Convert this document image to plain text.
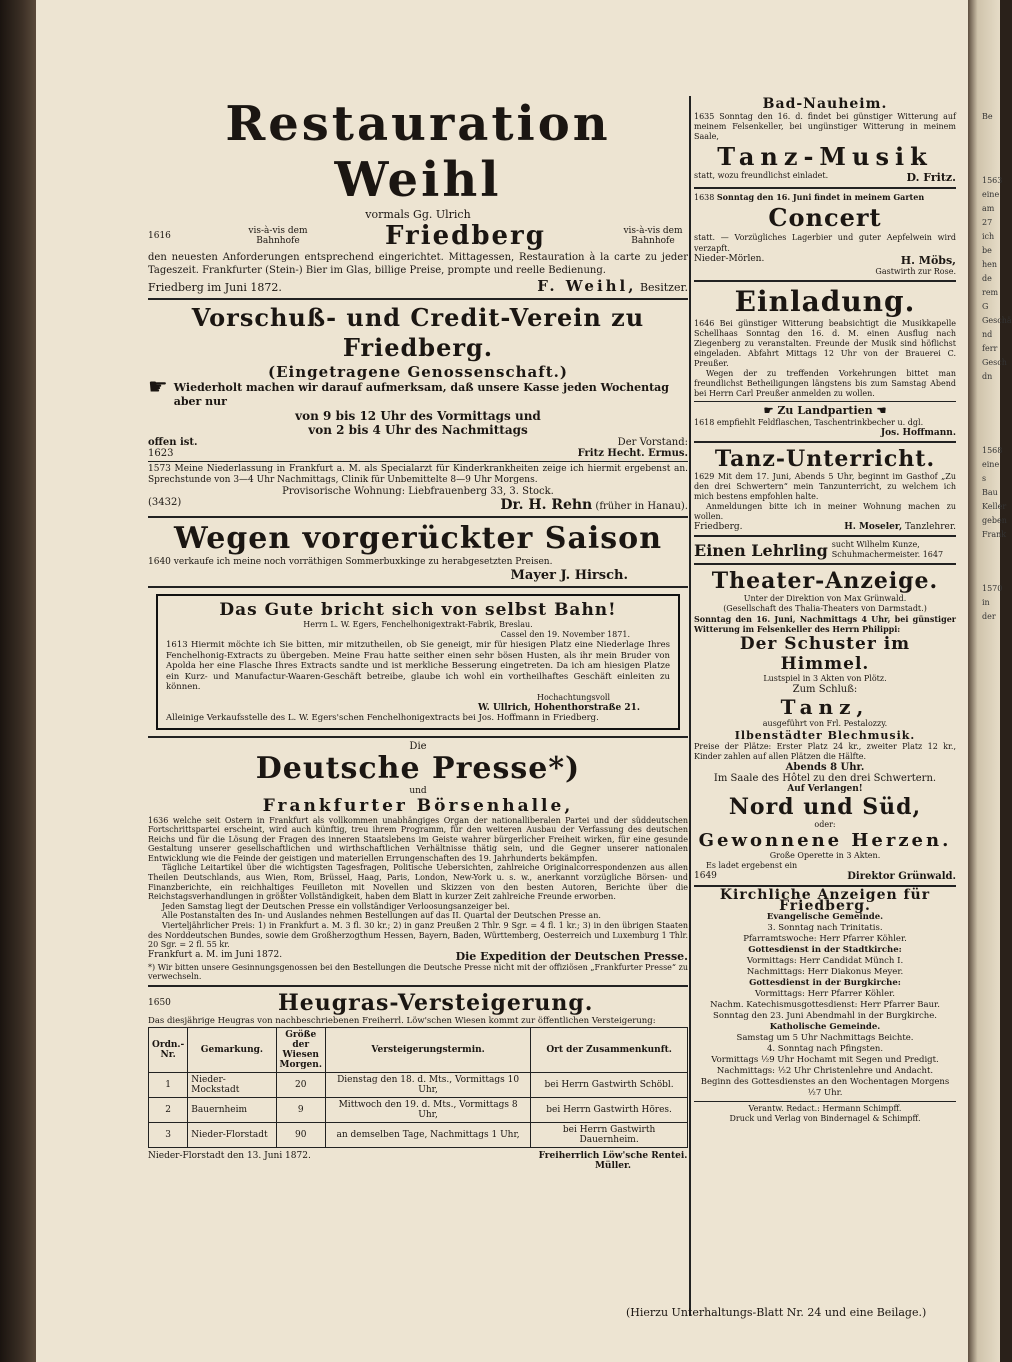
Restauration Weihl
vormals Gg. Ulrich
1616	vis-à-vis dem Bahnhofe	Friedberg	vis-à-vis dem Bahnhofe
den neuesten Anforderungen entsprechend eingerichtet. Mittagessen, Restauration à la carte zu jeder Tageszeit. Frankfurter (Stein-) Bier im Glas, billige Preise, prompte und reelle Bedienung.
Friedberg im Juni 1872.	F. Weihl, Besitzer.
Vorschuß- und Credit-Verein zu Friedberg.
(Eingetragene Genossenschaft.)
☛ Wiederholt machen wir darauf aufmerksam, daß unsere Kasse jeden Wochentag aber nur
von 9 bis 12 Uhr des Vormittags und
von 2 bis 4 Uhr des Nachmittags
offen ist.	Der Vorstand:
1623	Fritz Hecht. Ermus.
1573 Meine Niederlassung in Frankfurt a. M. als Specialarzt für Kinderkrankheiten zeige ich hiermit ergebenst an. Sprechstunde von 3—4 Uhr Nachmittags, Clinik für Unbemittelte 8—9 Uhr Morgens.
Provisorische Wohnung: Liebfrauenberg 33, 3. Stock.
(3432)	Dr. H. Rehn (früher in Hanau).
Wegen vorgerückter Saison
1640 verkaufe ich meine noch vorräthigen Sommerbuxkinge zu herabgesetzten Preisen.
Mayer J. Hirsch.
Das Gute bricht sich von selbst Bahn!
Herrn L. W. Egers, Fenchelhonigextrakt-Fabrik, Breslau.
Cassel den 19. November 1871.
1613 Hiermit möchte ich Sie bitten, mir mitzutheilen, ob Sie geneigt, mir für hiesigen Platz eine Niederlage Ihres Fenchelhonig-Extracts zu übergeben. Meine Frau hatte seither einen sehr bösen Husten, als ihr mein Bruder von Apolda her eine Flasche Ihres Extracts sandte und ist merkliche Besserung eingetreten. Da ich am hiesigen Platze ein Kurz- und Manufactur-Waaren-Geschäft betreibe, glaube ich wohl ein vortheilhaftes Geschäft einleiten zu können.
Hochachtungsvoll
W. Ullrich, Hohenthorstraße 21.
Alleinige Verkaufsstelle des L. W. Egers'schen Fenchelhonigextracts bei Jos. Hoffmann in Friedberg.
Die
Deutsche Presse*)
und
Frankfurter Börsenhalle,
1636 welche seit Ostern in Frankfurt als vollkommen unabhängiges Organ der nationalliberalen Partei und der süddeutschen Fortschrittspartei erscheint, wird auch künftig, treu ihrem Programm, für den weiteren Ausbau der Verfassung des deutschen Reichs und für die Lösung der Fragen des inneren Staatslebens im Geiste wahrer bürgerlicher Freiheit wirken, für eine gesunde Gestaltung unserer gesellschaftlichen und wirthschaftlichen Verhältnisse thätig sein, und die Gegner unserer nationalen Entwicklung wie die Feinde der geistigen und materiellen Errungenschaften des 19. Jahrhunderts bekämpfen.
Tägliche Leitartikel über die wichtigsten Tagesfragen, Politische Uebersichten, zahlreiche Originalcorrespondenzen aus allen Theilen Deutschlands, aus Wien, Rom, Brüssel, Haag, Paris, London, New-York u. s. w., anerkannt vorzügliche Börsen- und Finanzberichte, ein reichhaltiges Feuilleton mit Novellen und Skizzen von den besten Autoren, Berichte über die Reichstagsverhandlungen in größter Vollständigkeit, haben dem Blatt in kurzer Zeit zahlreiche Freunde erworben.
Jeden Samstag liegt der Deutschen Presse ein vollständiger Verloosungsanzeiger bei.
Alle Postanstalten des In- und Auslandes nehmen Bestellungen auf das II. Quartal der Deutschen Presse an.
Vierteljährlicher Preis: 1) in Frankfurt a. M. 3 fl. 30 kr.; 2) in ganz Preußen 2 Thlr. 9 Sgr. = 4 fl. 1 kr.; 3) in den übrigen Staaten des Norddeutschen Bundes, sowie dem Großherzogthum Hessen, Bayern, Baden, Württemberg, Oesterreich und Luxemburg 1 Thlr. 20 Sgr. = 2 fl. 55 kr.
Frankfurt a. M. im Juni 1872.	Die Expedition der Deutschen Presse.
*) Wir bitten unsere Gesinnungsgenossen bei den Bestellungen die Deutsche Presse nicht mit der offiziösen „Frankfurter Presse“ zu verwechseln.
1650	Heugras-Versteigerung.
Das diesjährige Heugras von nachbeschriebenen Freiherrl. Löw'schen Wiesen kommt zur öffentlichen Versteigerung:
Ordn.-Nr.	Gemarkung.	Größe der Wiesen Morgen.	Versteigerungstermin.	Ort der Zusammenkunft.
1	Nieder-Mockstadt	20	Dienstag den 18. d. Mts., Vormittags 10 Uhr,	bei Herrn Gastwirth Schöbl.
2	Bauernheim	9	Mittwoch den 19. d. Mts., Vormittags 8 Uhr,	bei Herrn Gastwirth Höres.
3	Nieder-Florstadt	90	an demselben Tage, Nachmittags 1 Uhr,	bei Herrn Gastwirth Dauernheim.
Nieder-Florstadt den 13. Juni 1872.	Freiherrlich Löw'sche Rentei. Müller.
Bad-Nauheim.
1635 Sonntag den 16. d. findet bei günstiger Witterung auf meinem Felsenkeller, bei ungünstiger Witterung in meinem Saale,
Tanz-Musik
statt, wozu freundlichst einladet.	D. Fritz.
1638 Sonntag den 16. Juni findet in meinem Garten
Concert
statt. — Vorzügliches Lagerbier und guter Aepfelwein wird verzapft.
Nieder-Mörlen.	H. Möbs,
Gastwirth zur Rose.
Einladung.
1646 Bei günstiger Witterung beabsichtigt die Musikkapelle Schellhaas Sonntag den 16. d. M. einen Ausflug nach Ziegenberg zu veranstalten. Freunde der Musik sind höflichst eingeladen. Abfahrt Mittags 12 Uhr von der Brauerei C. Preußer.
Wegen der zu treffenden Vorkehrungen bittet man freundlichst Betheiligungen längstens bis zum Samstag Abend bei Herrn Carl Preußer anmelden zu wollen.
☛ Zu Landpartien ☚
1618 empfiehlt Feldflaschen, Taschentrinkbecher u. dgl.
Jos. Hoffmann.
Tanz-Unterricht.
1629 Mit dem 17. Juni, Abends 5 Uhr, beginnt im Gasthof „Zu den drei Schwertern“ mein Tanzunterricht, zu welchem ich mich bestens empfohlen halte.
Anmeldungen bitte ich in meiner Wohnung machen zu wollen.
Friedberg.	H. Moseler, Tanzlehrer.
Einen Lehrling sucht Wilhelm Kunze, Schuhmachermeister. 1647
Theater-Anzeige.
Unter der Direktion von Max Grünwald.
(Gesellschaft des Thalia-Theaters von Darmstadt.)
Sonntag den 16. Juni, Nachmittags 4 Uhr, bei günstiger Witterung im Felsenkeller des Herrn Philippi:
Der Schuster im Himmel.
Lustspiel in 3 Akten von Plötz.
Zum Schluß:
Tanz,
ausgeführt von Frl. Pestalozzy.
Ilbenstädter Blechmusik.
Preise der Plätze: Erster Platz 24 kr., zweiter Platz 12 kr., Kinder zahlen auf allen Plätzen die Hälfte.
Abends 8 Uhr.
Im Saale des Hôtel zu den drei Schwertern.
Auf Verlangen!
Nord und Süd,
oder:
Gewonnene Herzen.
Große Operette in 3 Akten.
Es ladet ergebenst ein
1649	Direktor Grünwald.
Kirchliche Anzeigen für Friedberg.
Evangelische Gemeinde.
3. Sonntag nach Trinitatis.
Pfarramtswoche: Herr Pfarrer Köhler.
Gottesdienst in der Stadtkirche:
Vormittags: Herr Candidat Münch I.
Nachmittags: Herr Diakonus Meyer.
Gottesdienst in der Burgkirche:
Vormittags: Herr Pfarrer Köhler.
Nachm. Katechismusgottesdienst: Herr Pfarrer Baur.
Sonntag den 23. Juni Abendmahl in der Burgkirche.
Katholische Gemeinde.
Samstag um 5 Uhr Nachmittags Beichte.
4. Sonntag nach Pfingsten.
Vormittags ½9 Uhr Hochamt mit Segen und Predigt.
Nachmittags: ½2 Uhr Christenlehre und Andacht.
Beginn des Gottesdienstes an den Wochentagen Morgens ½7 Uhr.
Verantw. Redact.: Hermann Schimpff.
Druck und Verlag von Bindernagel & Schimpff.
(Hierzu Unterhaltungs-Blatt Nr. 24 und eine Beilage.)
Be
1563
eine
am 27
ich be
hen de
rem G
Geschä
nd ferr
Gesch
dn
1568
eine s
Bau
Keller
geben
Frank
1570
in der
